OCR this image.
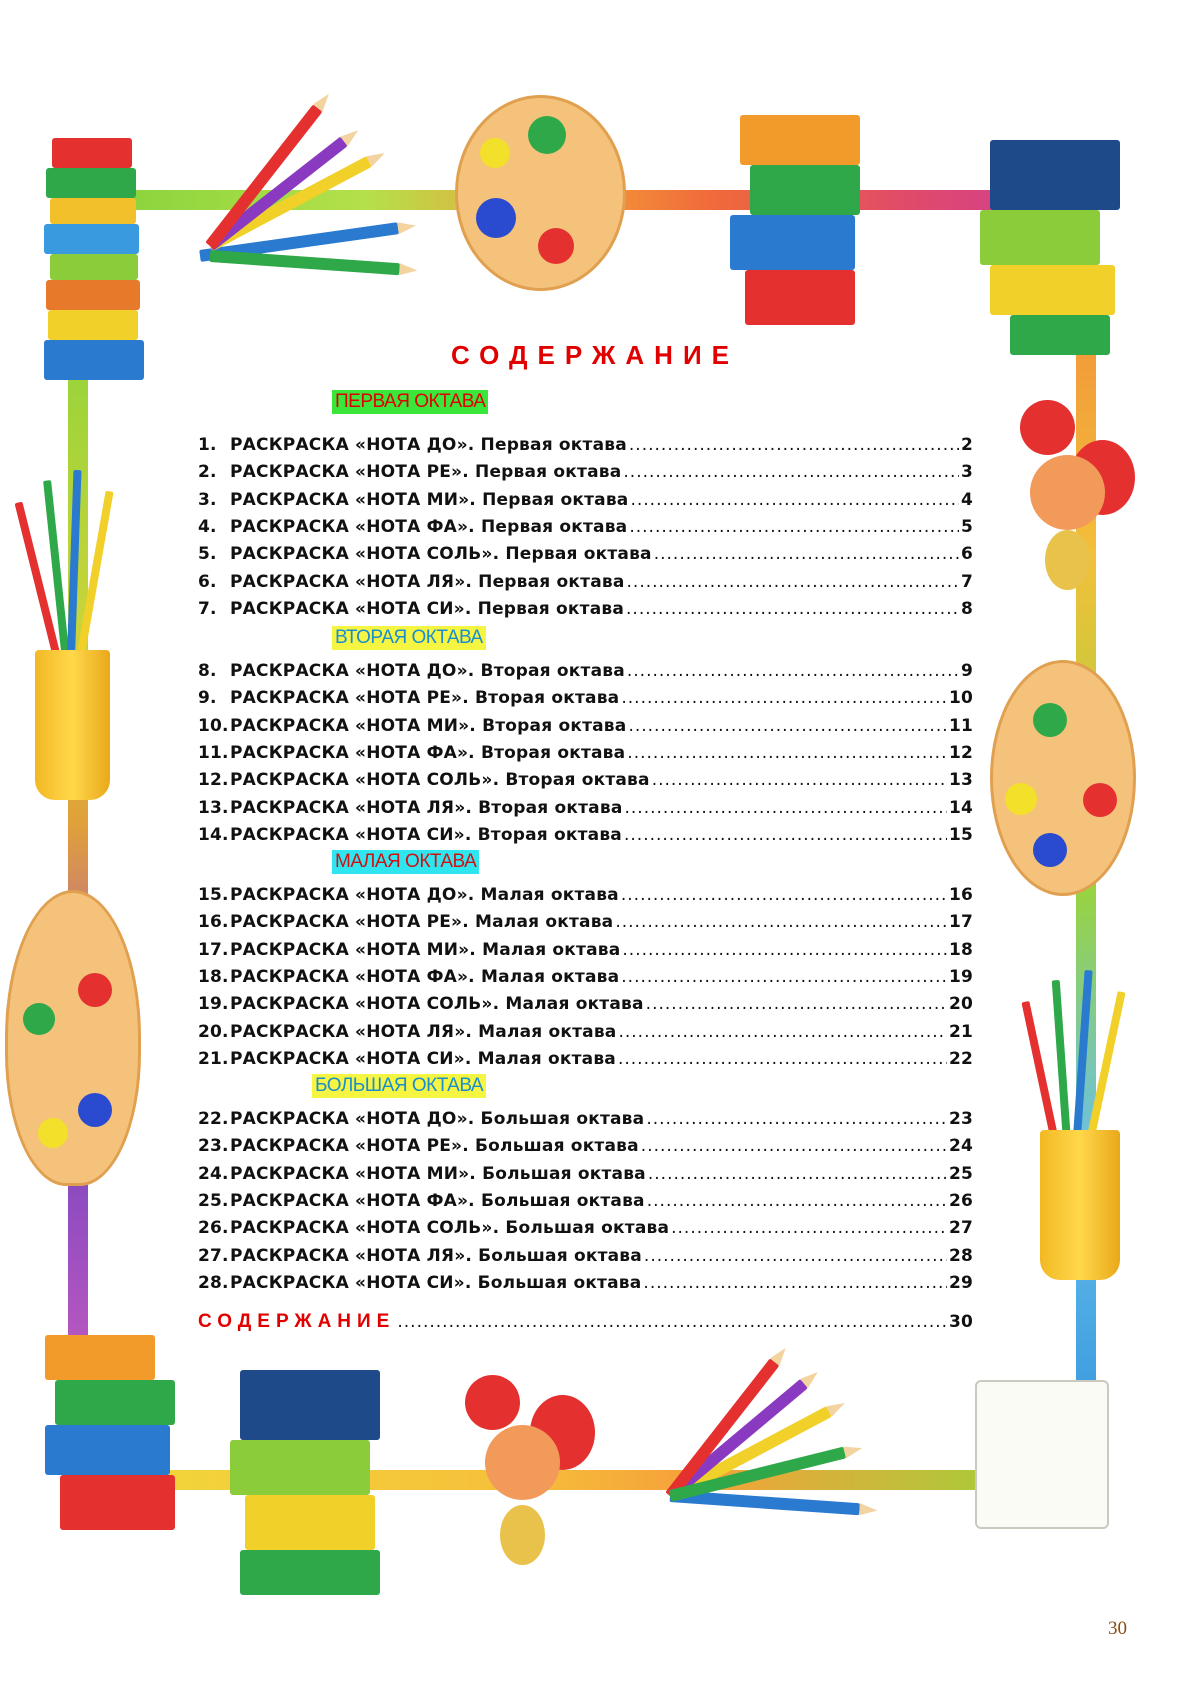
СОДЕРЖАНИЕ
ПЕРВАЯ ОКТАВА
1. РАСКРАСКА «НОТА ДО». Первая октава .....	2
2. РАСКРАСКА «НОТА РЕ». Первая октава .....	3
3. РАСКРАСКА «НОТА МИ». Первая октава .....	4
4. РАСКРАСКА «НОТА ФА». Первая октава .....	5
5. РАСКРАСКА «НОТА СОЛЬ». Первая октава .....	6
6. РАСКРАСКА «НОТА ЛЯ». Первая октава .....	7
7. РАСКРАСКА «НОТА СИ». Первая октава .....	8
ВТОРАЯ ОКТАВА
8. РАСКРАСКА «НОТА ДО». Вторая октава .....	9
9. РАСКРАСКА «НОТА РЕ». Вторая октава .....	10
10. РАСКРАСКА «НОТА МИ». Вторая октава .....	11
11. РАСКРАСКА «НОТА ФА». Вторая октава .....	12
12. РАСКРАСКА «НОТА СОЛЬ». Вторая октава .....	13
13. РАСКРАСКА «НОТА ЛЯ». Вторая октава .....	14
14. РАСКРАСКА «НОТА СИ». Вторая октава .....	15
МАЛАЯ ОКТАВА
15. РАСКРАСКА «НОТА ДО». Малая октава .....	16
16. РАСКРАСКА «НОТА РЕ». Малая октава .....	17
17. РАСКРАСКА «НОТА МИ». Малая октава .....	18
18. РАСКРАСКА «НОТА ФА». Малая октава .....	19
19. РАСКРАСКА «НОТА СОЛЬ». Малая октава .....	20
20. РАСКРАСКА «НОТА ЛЯ». Малая октава .....	21
21. РАСКРАСКА «НОТА СИ». Малая октава .....	22
БОЛЬШАЯ ОКТАВА
22. РАСКРАСКА «НОТА ДО». Большая октава .....	23
23. РАСКРАСКА «НОТА РЕ». Большая октава .....	24
24. РАСКРАСКА «НОТА МИ». Большая октава .....	25
25. РАСКРАСКА «НОТА ФА». Большая октава .....	26
26. РАСКРАСКА «НОТА СОЛЬ». Большая октава .....	27
27. РАСКРАСКА «НОТА ЛЯ». Большая октава .....	28
28. РАСКРАСКА «НОТА СИ». Большая октава .....	29
СОДЕРЖАНИЕ .....	30
30
